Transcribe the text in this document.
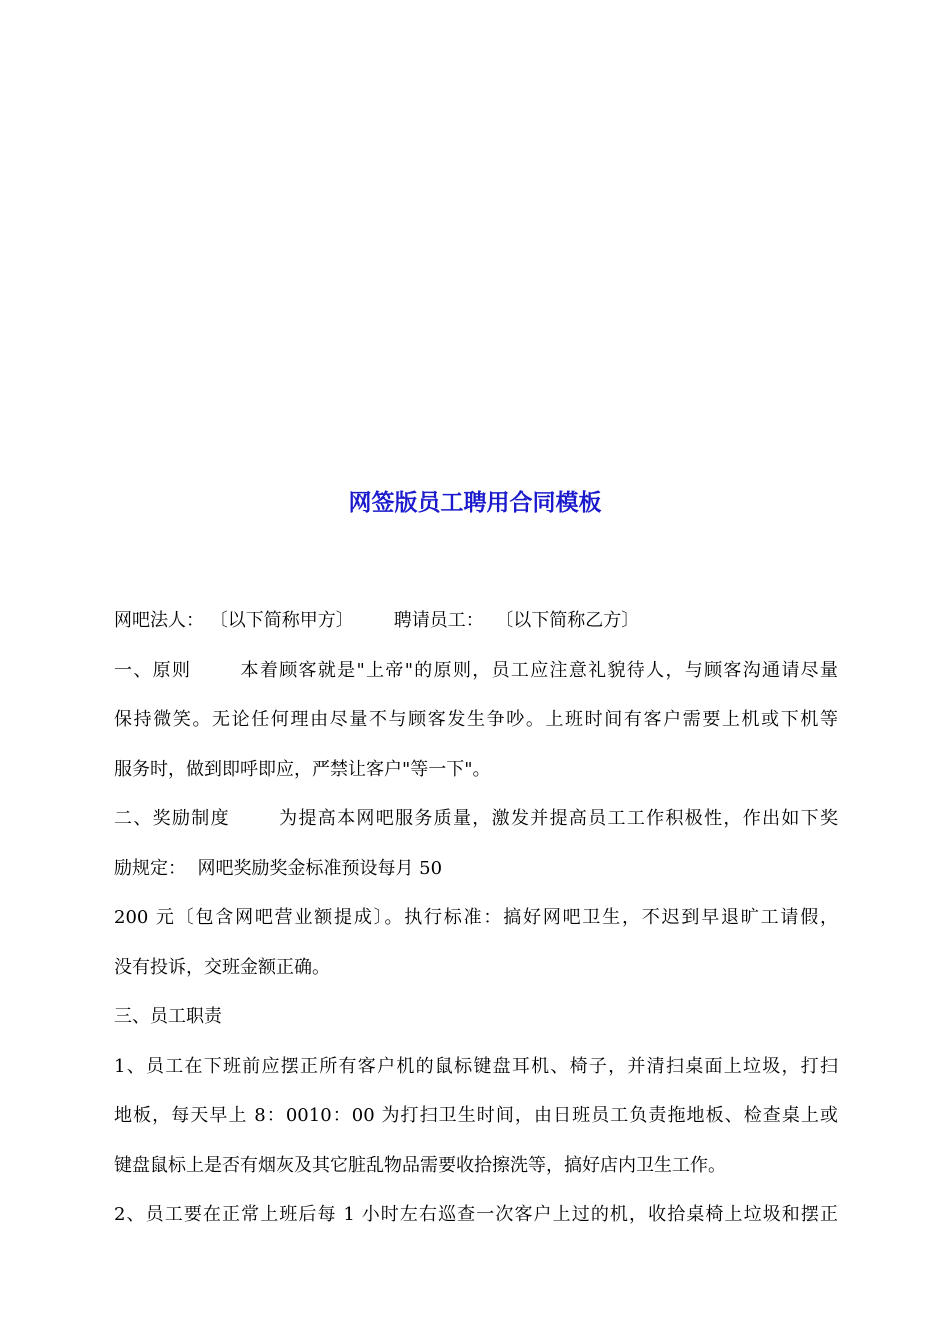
网签版员工聘用合同模板

网吧法人： 〔以下简称甲方〕       聘请员工：  〔以下简称乙方〕

一、原则       本着顾客就是"上帝"的原则，员工应注意礼貌待人，与顾客沟通请尽量

保持微笑。无论任何理由尽量不与顾客发生争吵。上班时间有客户需要上机或下机等

服务时，做到即呼即应，严禁让客户"等一下"。

二、奖励制度       为提高本网吧服务质量，激发并提高员工工作积极性，作出如下奖

励规定：  网吧奖励奖金标准预设每月 50

200 元〔包含网吧营业额提成〕。执行标准：搞好网吧卫生，不迟到早退旷工请假，

没有投诉，交班金额正确。

三、员工职责

1、员工在下班前应摆正所有客户机的鼠标键盘耳机、椅子，并清扫桌面上垃圾，打扫

地板，每天早上 8：0010：00 为打扫卫生时间，由日班员工负责拖地板、检查桌上或

键盘鼠标上是否有烟灰及其它脏乱物品需要收拾擦洗等，搞好店内卫生工作。

2、员工要在正常上班后每 1 小时左右巡查一次客户上过的机，收拾桌椅上垃圾和摆正
